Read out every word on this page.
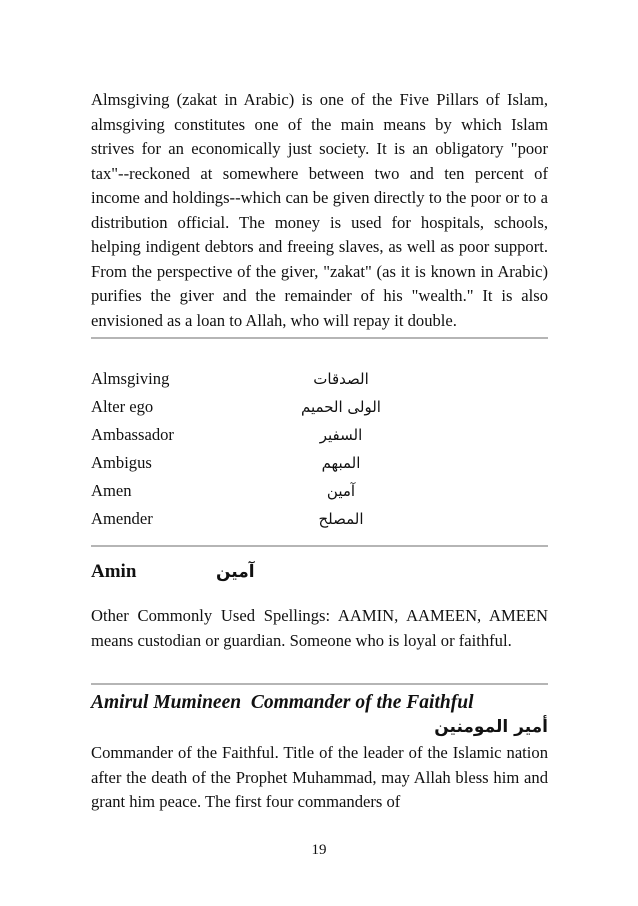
Almsgiving (zakat in Arabic) is one of the Five Pillars of Islam, almsgiving constitutes one of the main means by which Islam strives for an economically just society. It is an obligatory "poor tax"--reckoned at somewhere between two and ten percent of income and holdings--which can be given directly to the poor or to a distribution official. The money is used for hospitals, schools, helping indigent debtors and freeing slaves, as well as poor support. From the perspective of the giver, "zakat" (as it is known in Arabic) purifies the giver and the remainder of his "wealth." It is also envisioned as a loan to Allah, who will repay it double.

Almsgiving	الصدقات
Alter ego	الولى الحميم
Ambassador	السفير
Ambigus	المبهم
Amen	آمين
Amender	المصلح
Amin	آمين

Other Commonly Used Spellings: AAMIN, AAMEEN, AMEEN means custodian or guardian. Someone who is loyal or faithful.

Amirul Mumineen  Commander of the Faithful
أمير المومنين

Commander of the Faithful. Title of the leader of the Islamic nation after the death of the Prophet Muhammad, may Allah bless him and grant him peace. The first four commanders of

19
